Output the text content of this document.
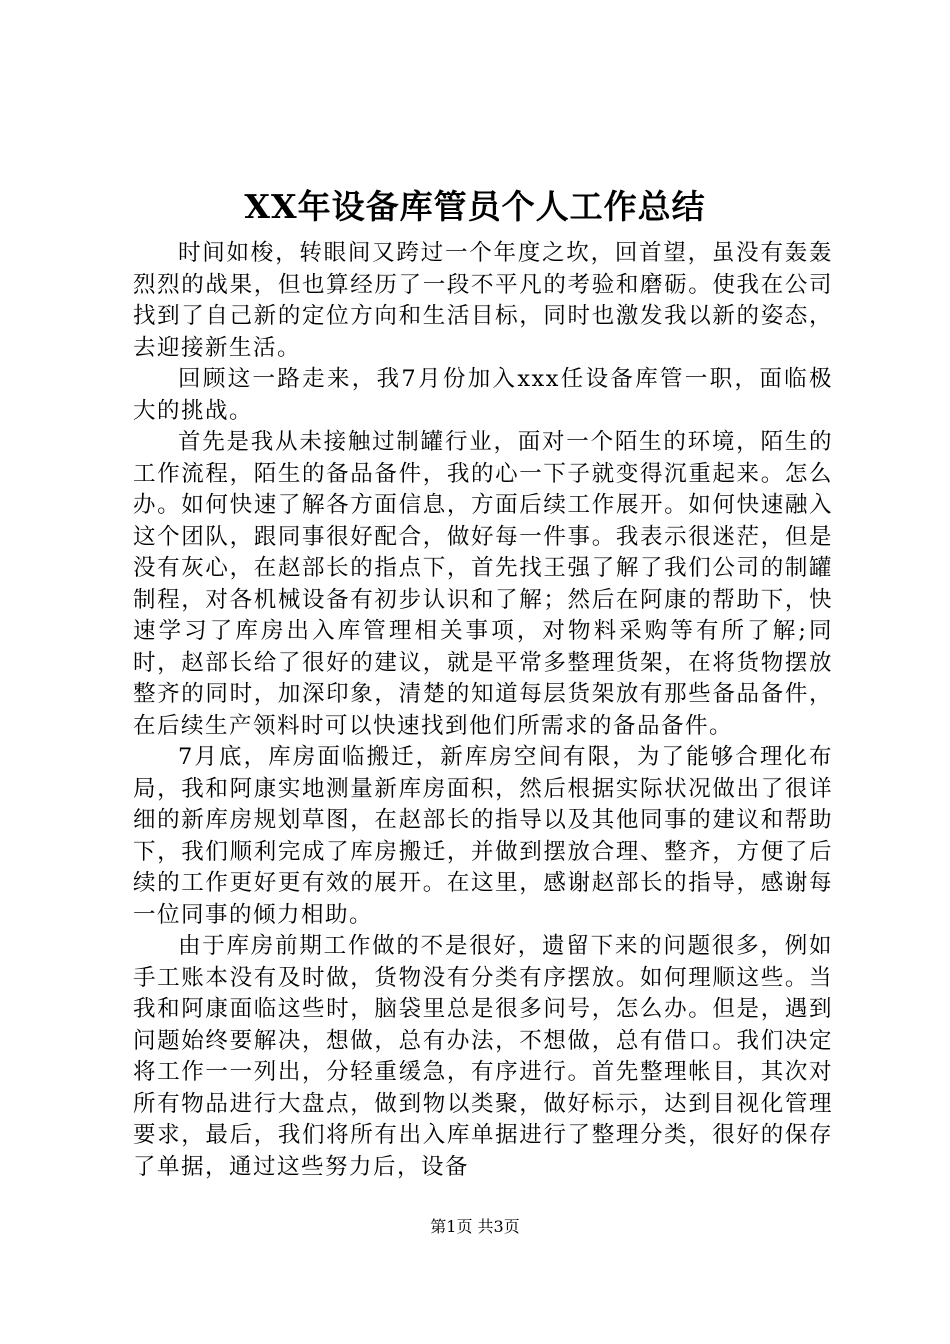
XX年设备库管员个人工作总结

时间如梭，转眼间又跨过一个年度之坎，回首望，虽没有轰轰烈烈的战果，但也算经历了一段不平凡的考验和磨砺。使我在公司找到了自己新的定位方向和生活目标，同时也激发我以新的姿态，去迎接新生活。

回顾这一路走来，我7月份加入xxx任设备库管一职，面临极大的挑战。

首先是我从未接触过制罐行业，面对一个陌生的环境，陌生的工作流程，陌生的备品备件，我的心一下子就变得沉重起来。怎么办。如何快速了解各方面信息，方面后续工作展开。如何快速融入这个团队，跟同事很好配合，做好每一件事。我表示很迷茫，但是没有灰心，在赵部长的指点下，首先找王强了解了我们公司的制罐制程，对各机械设备有初步认识和了解；然后在阿康的帮助下，快速学习了库房出入库管理相关事项，对物料采购等有所了解;同时，赵部长给了很好的建议，就是平常多整理货架，在将货物摆放整齐的同时，加深印象，清楚的知道每层货架放有那些备品备件，在后续生产领料时可以快速找到他们所需求的备品备件。

7月底，库房面临搬迁，新库房空间有限，为了能够合理化布局，我和阿康实地测量新库房面积，然后根据实际状况做出了很详细的新库房规划草图，在赵部长的指导以及其他同事的建议和帮助下，我们顺利完成了库房搬迁，并做到摆放合理、整齐，方便了后续的工作更好更有效的展开。在这里，感谢赵部长的指导，感谢每一位同事的倾力相助。

由于库房前期工作做的不是很好，遗留下来的问题很多，例如手工账本没有及时做，货物没有分类有序摆放。如何理顺这些。当我和阿康面临这些时，脑袋里总是很多问号，怎么办。但是，遇到问题始终要解决，想做，总有办法，不想做，总有借口。我们决定将工作一一列出，分轻重缓急，有序进行。首先整理帐目，其次对所有物品进行大盘点，做到物以类聚，做好标示，达到目视化管理要求，最后，我们将所有出入库单据进行了整理分类，很好的保存了单据，通过这些努力后，设备

第1页 共3页
